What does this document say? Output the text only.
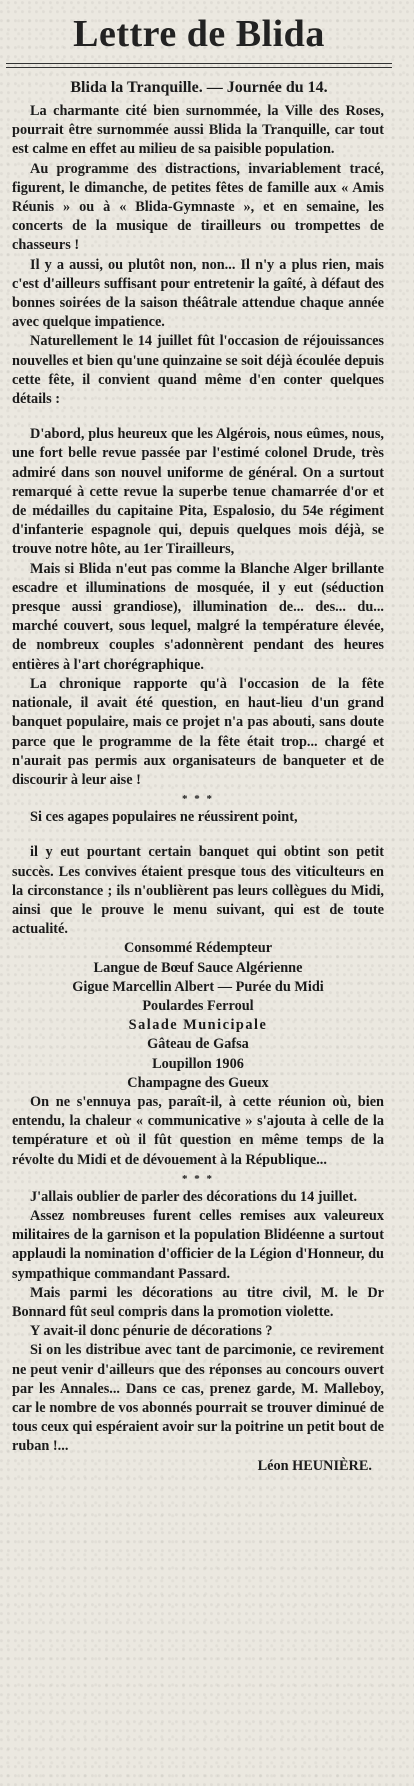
Lettre de Blida
Blida la Tranquille. — Journée du 14.

La charmante cité bien surnommée, la Ville des Roses, pourrait être surnommée aussi Blida la Tranquille, car tout est calme en effet au milieu de sa paisible population.

Au programme des distractions, invariablement tracé, figurent, le dimanche, de petites fêtes de famille aux « Amis Réunis » ou à « Blida-Gymnaste », et en semaine, les concerts de la musique de tirailleurs ou trompettes de chasseurs !

Il y a aussi, ou plutôt non, non... Il n'y a plus rien, mais c'est d'ailleurs suffisant pour entretenir la gaîté, à défaut des bonnes soirées de la saison théâtrale attendue chaque année avec quelque impatience.

Naturellement le 14 juillet fût l'occasion de réjouissances nouvelles et bien qu'une quinzaine se soit déjà écoulée depuis cette fête, il convient quand même d'en conter quelques détails :

D'abord, plus heureux que les Algérois, nous eûmes, nous, une fort belle revue passée par l'estimé colonel Drude, très admiré dans son nouvel uniforme de général. On a surtout remarqué à cette revue la superbe tenue chamarrée d'or et de médailles du capitaine Pita, Espalosio, du 54e régiment d'infanterie espagnole qui, depuis quelques mois déjà, se trouve notre hôte, au 1er Tirailleurs,

Mais si Blida n'eut pas comme la Blanche Alger brillante escadre et illuminations de mosquée, il y eut (séduction presque aussi grandiose), illumination de... des... du... marché couvert, sous lequel, malgré la température élevée, de nombreux couples s'adonnèrent pendant des heures entières à l'art chorégraphique.

La chronique rapporte qu'à l'occasion de la fête nationale, il avait été question, en haut-lieu d'un grand banquet populaire, mais ce projet n'a pas abouti, sans doute parce que le programme de la fête était trop... chargé et n'aurait pas permis aux organisateurs de banqueter et de discourir à leur aise !

* * *

Si ces agapes populaires ne réussirent point,

il y eut pourtant certain banquet qui obtint son petit succès. Les convives étaient presque tous des viticulteurs en la circonstance ; ils n'oublièrent pas leurs collègues du Midi, ainsi que le prouve le menu suivant, qui est de toute actualité.

Consommé Rédempteur
Langue de Bœuf Sauce Algérienne
Gigue Marcellin Albert — Purée du Midi
Poulardes Ferroul
Salade Municipale
Gâteau de Gafsa
Loupillon 1906
Champagne des Gueux

On ne s'ennuya pas, paraît-il, à cette réunion où, bien entendu, la chaleur « communicative » s'ajouta à celle de la température et où il fût question en même temps de la révolte du Midi et de dévouement à la République...

* * *

J'allais oublier de parler des décorations du 14 juillet.

Assez nombreuses furent celles remises aux valeureux militaires de la garnison et la population Blidéenne a surtout applaudi la nomination d'officier de la Légion d'Honneur, du sympathique commandant Passard.

Mais parmi les décorations au titre civil, M. le Dr Bonnard fût seul compris dans la promotion violette.

Y avait-il donc pénurie de décorations ?

Si on les distribue avec tant de parcimonie, ce revirement ne peut venir d'ailleurs que des réponses au concours ouvert par les Annales... Dans ce cas, prenez garde, M. Malleboy, car le nombre de vos abonnés pourrait se trouver diminué de tous ceux qui espéraient avoir sur la poitrine un petit bout de ruban !...

Léon HEUNIÈRE.
